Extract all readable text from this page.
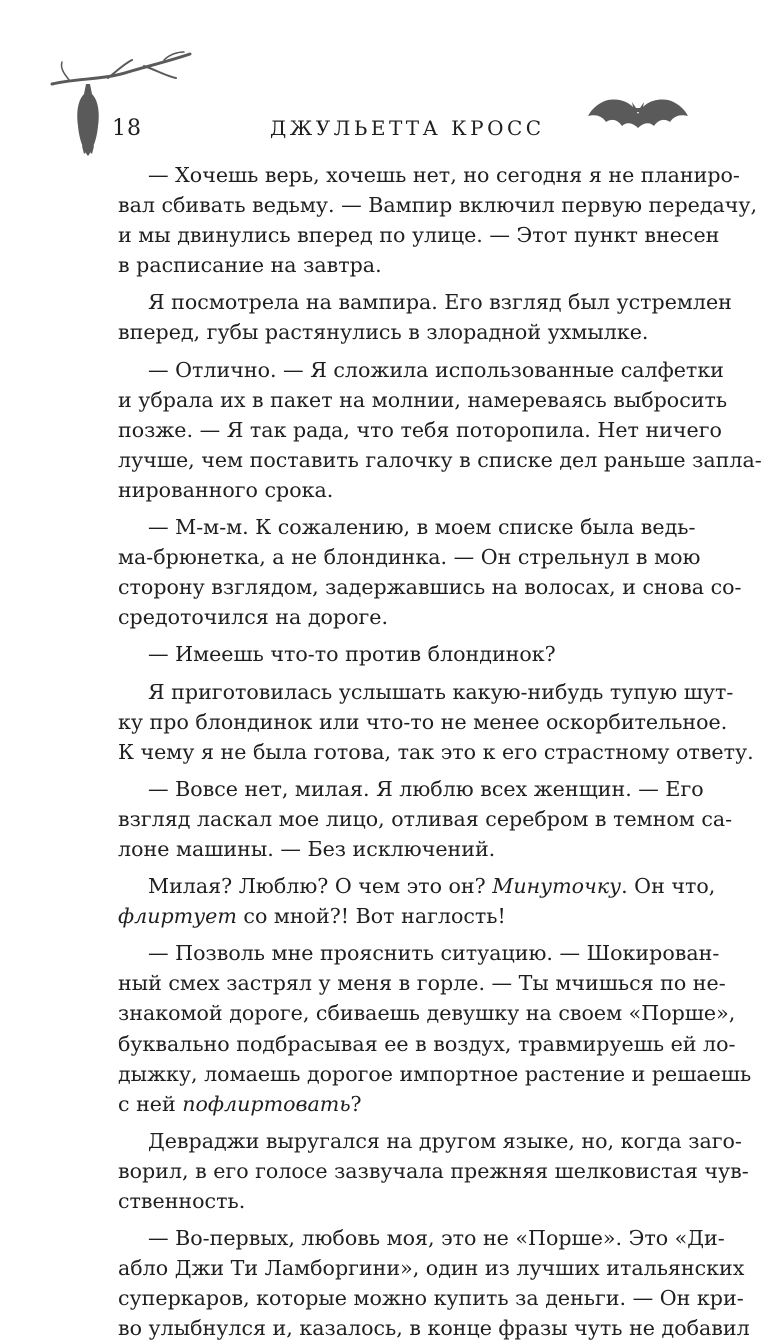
18	ДЖУЛЬЕТТА КРОСС
— Хочешь верь, хочешь нет, но сегодня я не планиро-
вал сбивать ведьму. — Вампир включил первую передачу,
и мы двинулись вперед по улице. — Этот пункт внесен
в расписание на завтра.
Я посмотрела на вампира. Его взгляд был устремлен
вперед, губы растянулись в злорадной ухмылке.
— Отлично. — Я сложила использованные салфетки
и убрала их в пакет на молнии, намереваясь выбросить
позже. — Я так рада, что тебя поторопила. Нет ничего
лучше, чем поставить галочку в списке дел раньше запла-
нированного срока.
— М-м-м. К сожалению, в моем списке была ведь-
ма-брюнетка, а не блондинка. — Он стрельнул в мою
сторону взглядом, задержавшись на волосах, и снова со-
средоточился на дороге.
— Имеешь что-то против блондинок?
Я приготовилась услышать какую-нибудь тупую шут-
ку про блондинок или что-то не менее оскорбительное.
К чему я не была готова, так это к его страстному ответу.
— Вовсе нет, милая. Я люблю всех женщин. — Его
взгляд ласкал мое лицо, отливая серебром в темном са-
лоне машины. — Без исключений.
Милая? Люблю? О чем это он? Минуточку. Он что,
флиртует со мной?! Вот наглость!
— Позволь мне прояснить ситуацию. — Шокирован-
ный смех застрял у меня в горле. — Ты мчишься по не-
знакомой дороге, сбиваешь девушку на своем «Порше»,
буквально подбрасывая ее в воздух, травмируешь ей ло-
дыжку, ломаешь дорогое импортное растение и решаешь
с ней пофлиртовать?
Девраджи выругался на другом языке, но, когда заго-
ворил, в его голосе зазвучала прежняя шелковистая чув-
ственность.
— Во-первых, любовь моя, это не «Порше». Это «Ди-
абло Джи Ти Ламборгини», один из лучших итальянских
суперкаров, которые можно купить за деньги. — Он кри-
во улыбнулся и, казалось, в конце фразы чуть не добавил
